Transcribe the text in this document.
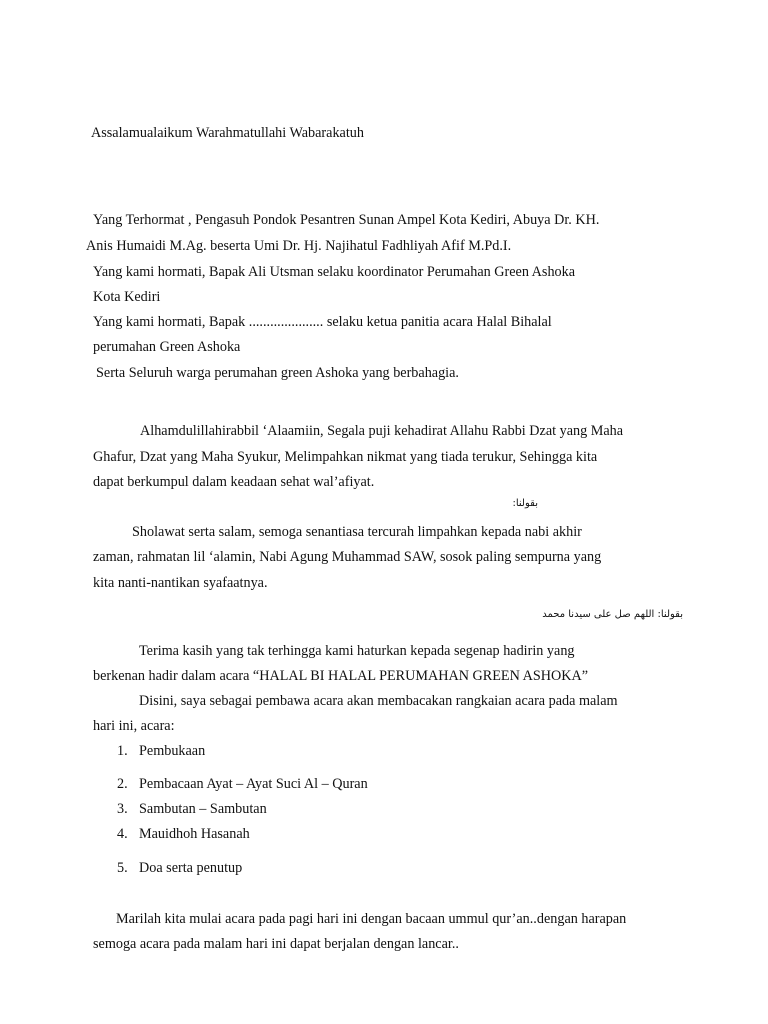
Assalamualaikum Warahmatullahi Wabarakatuh
Yang Terhormat , Pengasuh Pondok Pesantren Sunan Ampel Kota Kediri, Abuya Dr. KH.
Anis Humaidi M.Ag. beserta Umi Dr. Hj. Najihatul Fadhliyah Afif M.Pd.I.
Yang kami hormati, Bapak Ali Utsman selaku koordinator Perumahan Green Ashoka
Kota Kediri
Yang kami hormati, Bapak ..................... selaku ketua panitia acara Halal Bihalal
perumahan Green Ashoka
Serta Seluruh warga perumahan green Ashoka yang berbahagia.
Alhamdulillahirabbil ‘Alaamiin, Segala puji kehadirat Allahu Rabbi Dzat yang Maha
Ghafur, Dzat yang Maha Syukur, Melimpahkan nikmat yang tiada terukur, Sehingga kita
dapat berkumpul dalam keadaan sehat wal’afiyat.
بقولنا:
Sholawat serta salam, semoga senantiasa tercurah limpahkan kepada nabi akhir
zaman, rahmatan lil ‘alamin, Nabi Agung Muhammad SAW, sosok paling sempurna yang
kita nanti-nantikan syafaatnya.
بقولنا: اللهم صل على سيدنا محمد
Terima kasih yang tak terhingga kami haturkan kepada segenap hadirin yang
berkenan hadir dalam acara “HALAL BI HALAL PERUMAHAN GREEN ASHOKA”
Disini, saya sebagai pembawa acara akan membacakan rangkaian acara pada malam
hari ini, acara:
1. Pembukaan
2. Pembacaan Ayat – Ayat Suci Al – Quran
3. Sambutan – Sambutan
4. Mauidhoh Hasanah
5. Doa serta penutup
Marilah kita mulai acara pada pagi hari ini dengan bacaan ummul qur’an..dengan harapan
semoga acara pada malam hari ini dapat berjalan dengan lancar..
